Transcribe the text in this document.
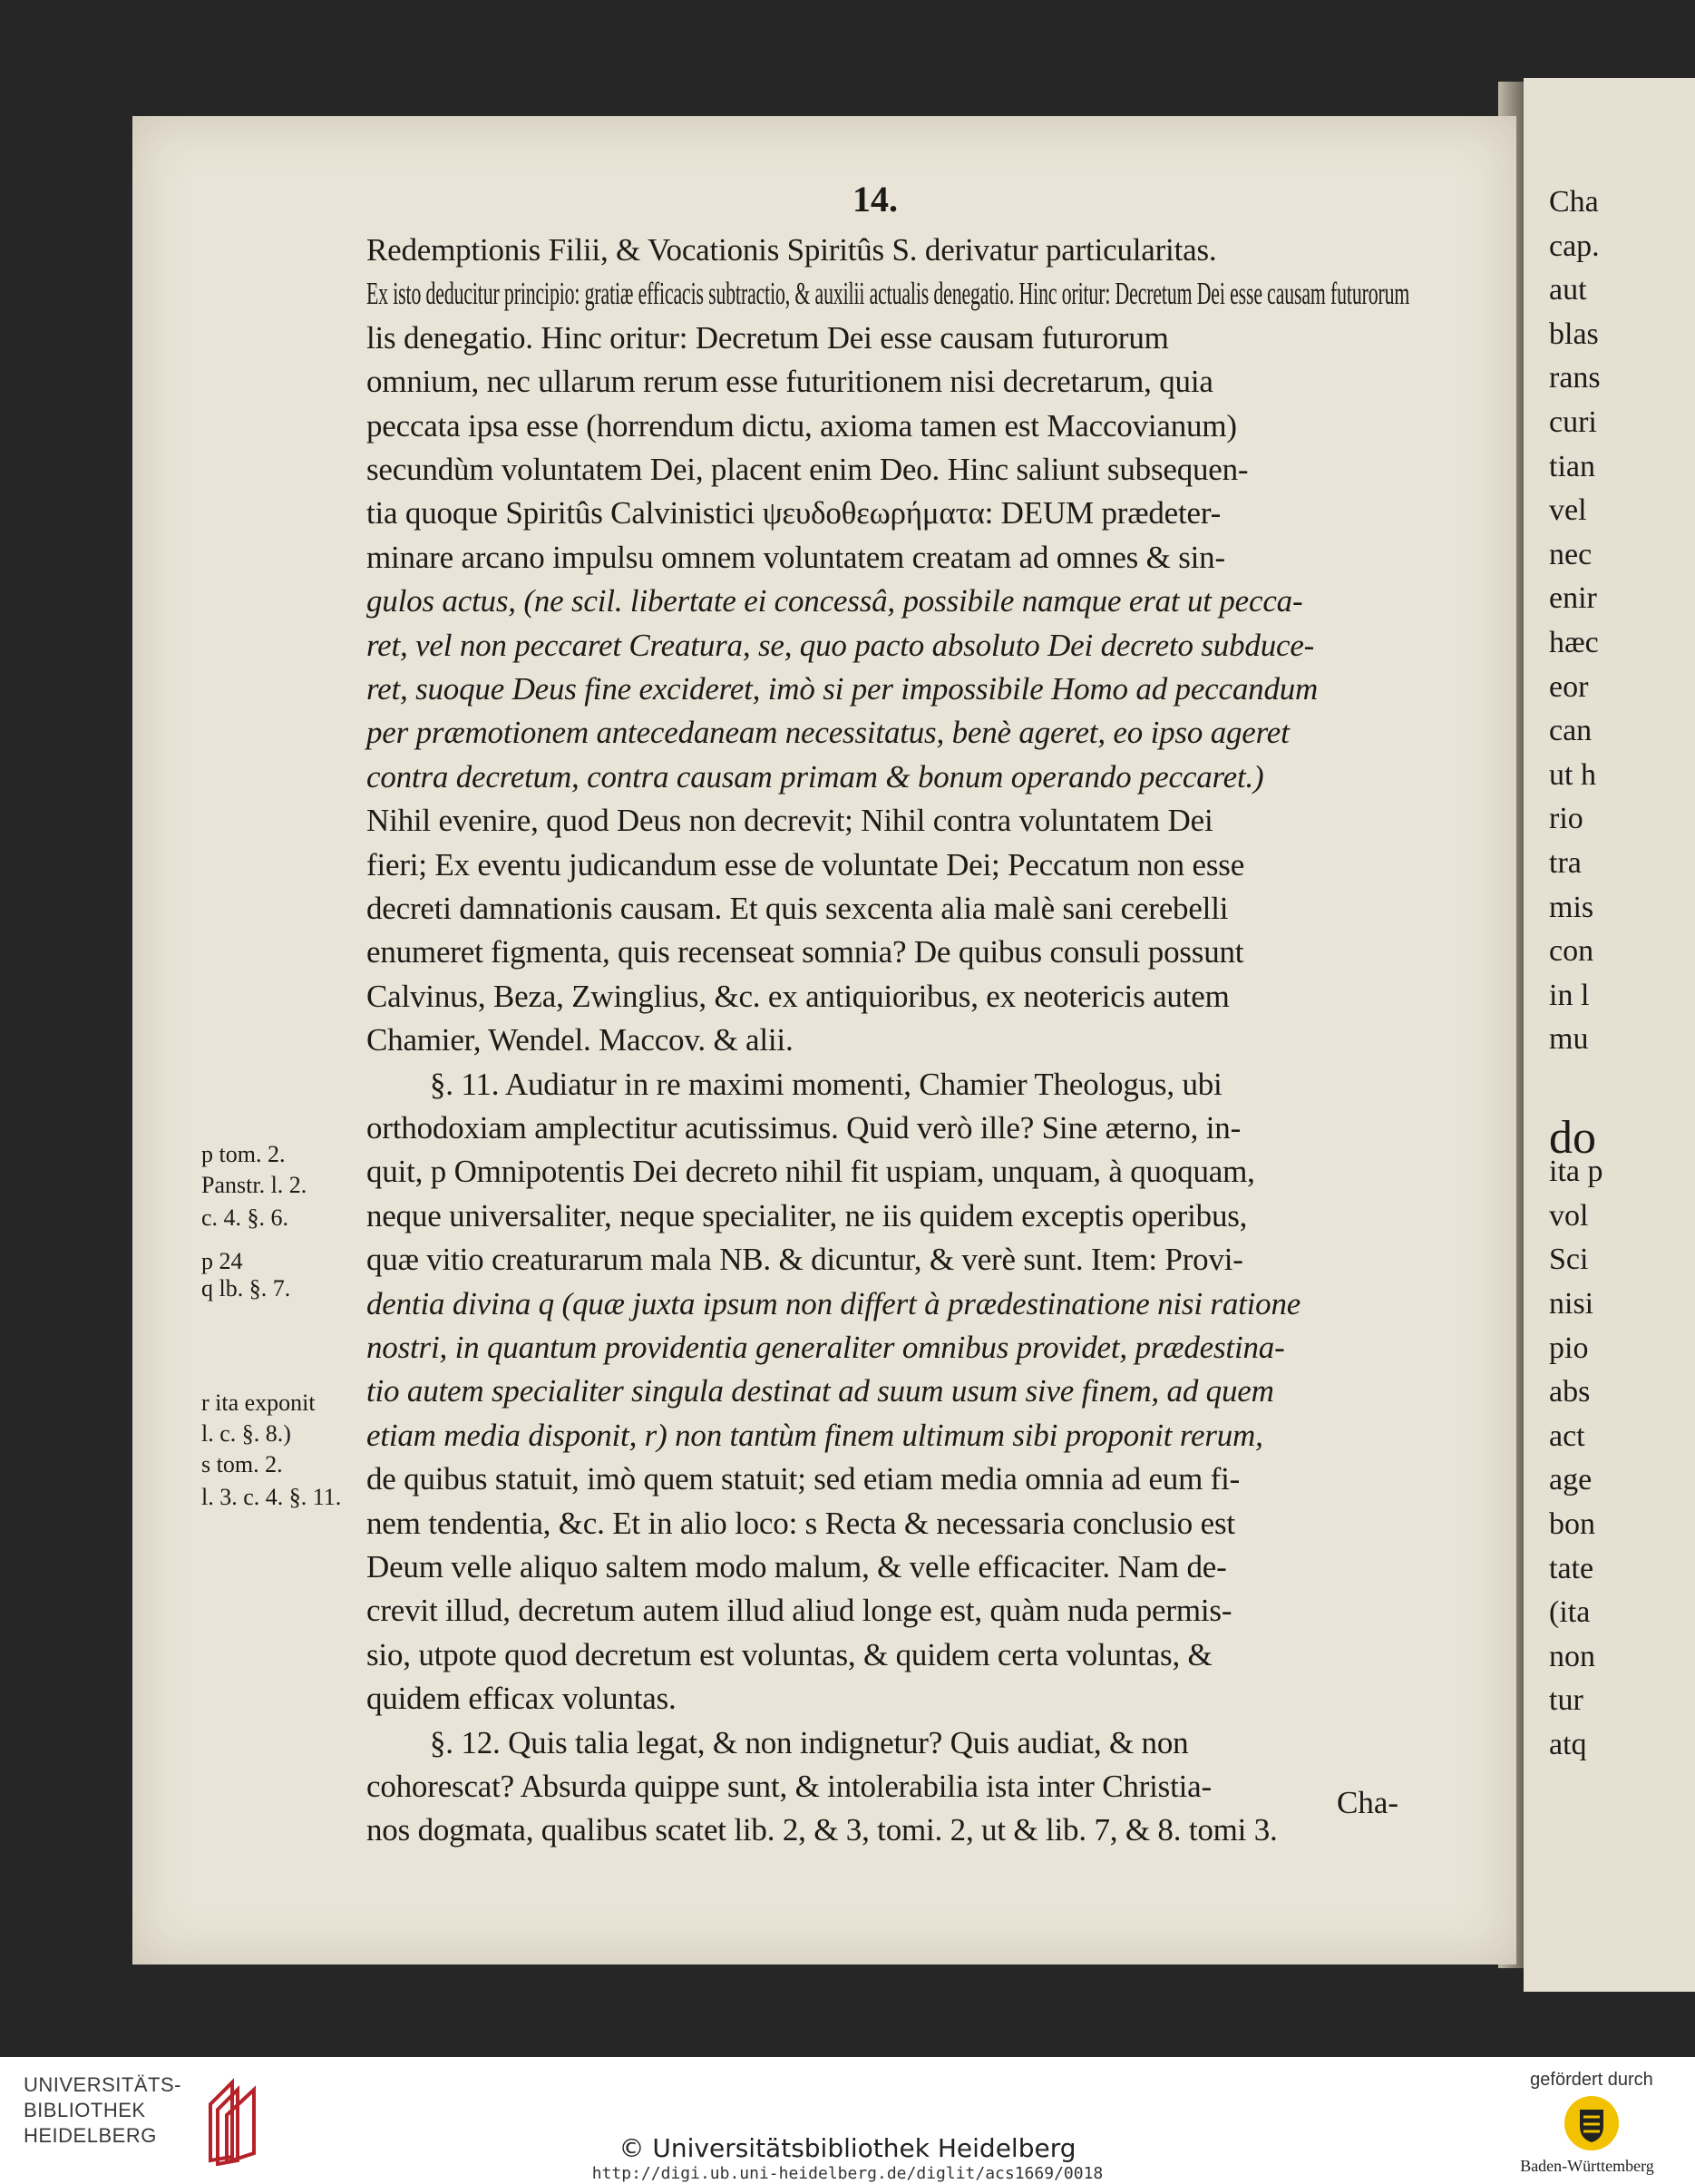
Cha
cap.
aut
blas
rans
curi
tian
vel
nec
enir
hæc
eor
can
ut h
rio
tra
mis
con
in l
mu
do
ita p
vol
Sci
nisi
pio
abs
act
age
bon
tate
(ita
non
tur
atq
14.
Redemptionis Filii, & Vocationis Spiritûs S. derivatur particularitas.
Ex isto deducitur principio: gratiæ efficacis subtractio, & auxilii actualis denegatio. Hinc oritur: Decretum Dei esse causam futurorum
lis denegatio. Hinc oritur: Decretum Dei esse causam futurorum
omnium, nec ullarum rerum esse futuritionem nisi decretarum, quia
peccata ipsa esse (horrendum dictu, axioma tamen est Maccovianum)
secundùm voluntatem Dei, placent enim Deo. Hinc saliunt subsequen-
tia quoque Spiritûs Calvinistici ψευδοθεωρήματα: DEUM prædeter-
minare arcano impulsu omnem voluntatem creatam ad omnes & sin-
gulos actus, (ne scil. libertate ei concessâ, possibile namque erat ut pecca-
ret, vel non peccaret Creatura, se, quo pacto absoluto Dei decreto subduce-
ret, suoque Deus fine excideret, imò si per impossibile Homo ad peccandum
per præmotionem antecedaneam necessitatus, benè ageret, eo ipso ageret
contra decretum, contra causam primam & bonum operando peccaret.)
Nihil evenire, quod Deus non decrevit; Nihil contra voluntatem Dei
fieri; Ex eventu judicandum esse de voluntate Dei; Peccatum non esse
decreti damnationis causam. Et quis sexcenta alia malè sani cerebelli
enumeret figmenta, quis recenseat somnia? De quibus consuli possunt
Calvinus, Beza, Zwinglius, &c. ex antiquioribus, ex neotericis autem
Chamier, Wendel. Maccov. & alii.
§. 11. Audiatur in re maximi momenti, Chamier Theologus, ubi
orthodoxiam amplectitur acutissimus. Quid verò ille? Sine æterno, in-
quit, p Omnipotentis Dei decreto nihil fit uspiam, unquam, à quoquam,
neque universaliter, neque specialiter, ne iis quidem exceptis operibus,
quæ vitio creaturarum mala NB. & dicuntur, & verè sunt. Item: Provi-
dentia divina q (quæ juxta ipsum non differt à prædestinatione nisi ratione
nostri, in quantum providentia generaliter omnibus providet, prædestina-
tio autem specialiter singula destinat ad suum usum sive finem, ad quem
etiam media disponit, r) non tantùm finem ultimum sibi proponit rerum,
de quibus statuit, imò quem statuit; sed etiam media omnia ad eum fi-
nem tendentia, &c. Et in alio loco: s Recta & necessaria conclusio est
Deum velle aliquo saltem modo malum, & velle efficaciter. Nam de-
crevit illud, decretum autem illud aliud longe est, quàm nuda permis-
sio, utpote quod decretum est voluntas, & quidem certa voluntas, &
quidem efficax voluntas.
§. 12. Quis talia legat, & non indignetur? Quis audiat, & non
cohorescat? Absurda quippe sunt, & intolerabilia ista inter Christia-
nos dogmata, qualibus scatet lib. 2, & 3, tomi. 2, ut & lib. 7, & 8. tomi 3.
p tom. 2.
Panstr. l. 2.
c. 4. §. 6.
p 24
q lb. §. 7.
r ita exponit
l. c. §. 8.)
s tom. 2.
l. 3. c. 4. §. 11.
Cha-
UNIVERSITÄTS-
BIBLIOTHEK
HEIDELBERG	© Universitätsbibliothek Heidelberg
http://digi.ub.uni-heidelberg.de/diglit/acs1669/0018
gefördert durch
Baden-Württemberg
